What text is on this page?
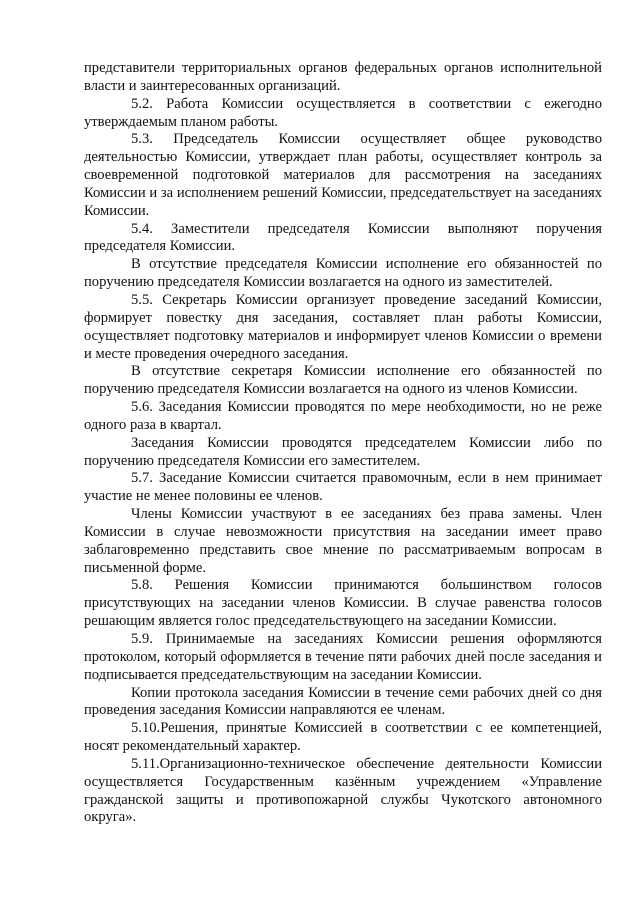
представители территориальных органов федеральных органов исполнительной власти и заинтересованных организаций.

5.2. Работа Комиссии осуществляется в соответствии с ежегодно утверждаемым планом работы.

5.3. Председатель Комиссии осуществляет общее руководство деятельностью Комиссии, утверждает план работы, осуществляет контроль за своевременной подготовкой материалов для рассмотрения на заседаниях Комиссии и за исполнением решений Комиссии, председательствует на заседаниях Комиссии.

5.4. Заместители председателя Комиссии выполняют поручения председателя Комиссии.

В отсутствие председателя Комиссии исполнение его обязанностей по поручению председателя Комиссии возлагается на одного из заместителей.

5.5. Секретарь Комиссии организует проведение заседаний Комиссии, формирует повестку дня заседания, составляет план работы Комиссии, осуществляет подготовку материалов и информирует членов Комиссии о времени и месте проведения очередного заседания.

В отсутствие секретаря Комиссии исполнение его обязанностей по поручению председателя Комиссии возлагается на одного из членов Комиссии.

5.6. Заседания Комиссии проводятся по мере необходимости, но не реже одного раза в квартал.

Заседания Комиссии проводятся председателем Комиссии либо по поручению председателя Комиссии его заместителем.

5.7. Заседание Комиссии считается правомочным, если в нем принимает участие не менее половины ее членов.

Члены Комиссии участвуют в ее заседаниях без права замены. Член Комиссии в случае невозможности присутствия на заседании имеет право заблаговременно представить свое мнение по рассматриваемым вопросам в письменной форме.

5.8. Решения Комиссии принимаются большинством голосов присутствующих на заседании членов Комиссии. В случае равенства голосов решающим является голос председательствующего на заседании Комиссии.

5.9. Принимаемые на заседаниях Комиссии решения оформляются протоколом, который оформляется в течение пяти рабочих дней после заседания и подписывается председательствующим на заседании Комиссии.

Копии протокола заседания Комиссии в течение семи рабочих дней со дня проведения заседания Комиссии направляются ее членам.

5.10.Решения, принятые Комиссией в соответствии с ее компетенцией, носят рекомендательный характер.

5.11.Организационно-техническое обеспечение деятельности Комиссии осуществляется Государственным казённым учреждением «Управление гражданской защиты и противопожарной службы Чукотского автономного округа».
